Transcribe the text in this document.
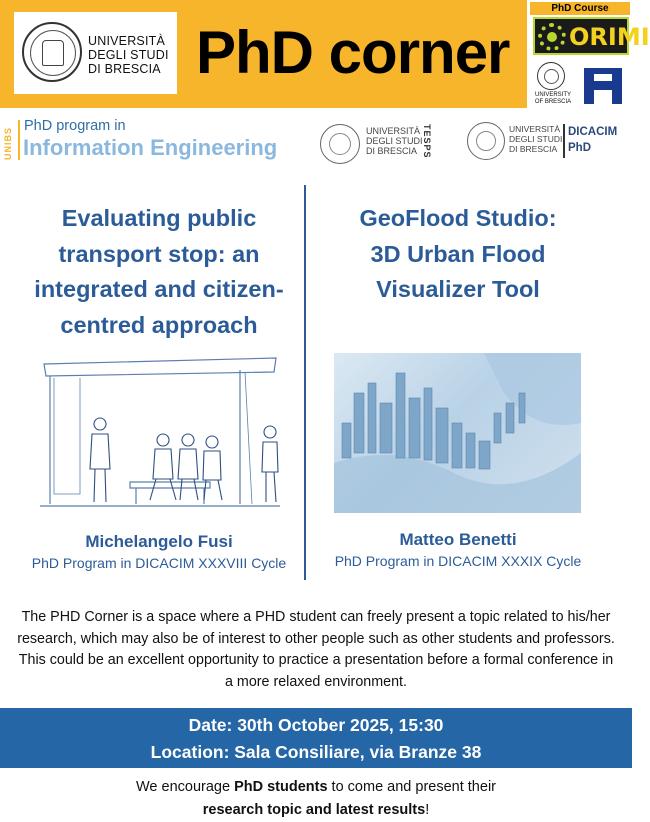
UNIVERSITÀ
DEGLI STUDI
DI BRESCIA PhD corner
PhD Course
ORIMI
UNIVERSITY
OF BRESCIA
UNIBS
PhD program in
Information Engineering
UNIVERSITÀ
DEGLI STUDI
DI BRESCIA TESPS	UNIVERSITÀ
DEGLI STUDI
DI BRESCIA
DICACIM
PhD
Evaluating public
transport stop: an
integrated and citizen-
centred approach
GeoFlood Studio:
3D Urban Flood
Visualizer Tool
Michelangelo Fusi
PhD Program in DICACIM XXXVIII Cycle
Matteo Benetti
PhD Program in DICACIM XXXIX Cycle
The PHD Corner is a space where a PHD student can freely present a topic related to his/her research, which may also be of interest to other people such as other students and professors. This could be an excellent opportunity to practice a presentation before a formal conference in a more relaxed environment.
Date: 30th October 2025, 15:30
Location: Sala Consiliare, via Branze 38
We encourage PhD students to come and present their
research topic and latest results!
